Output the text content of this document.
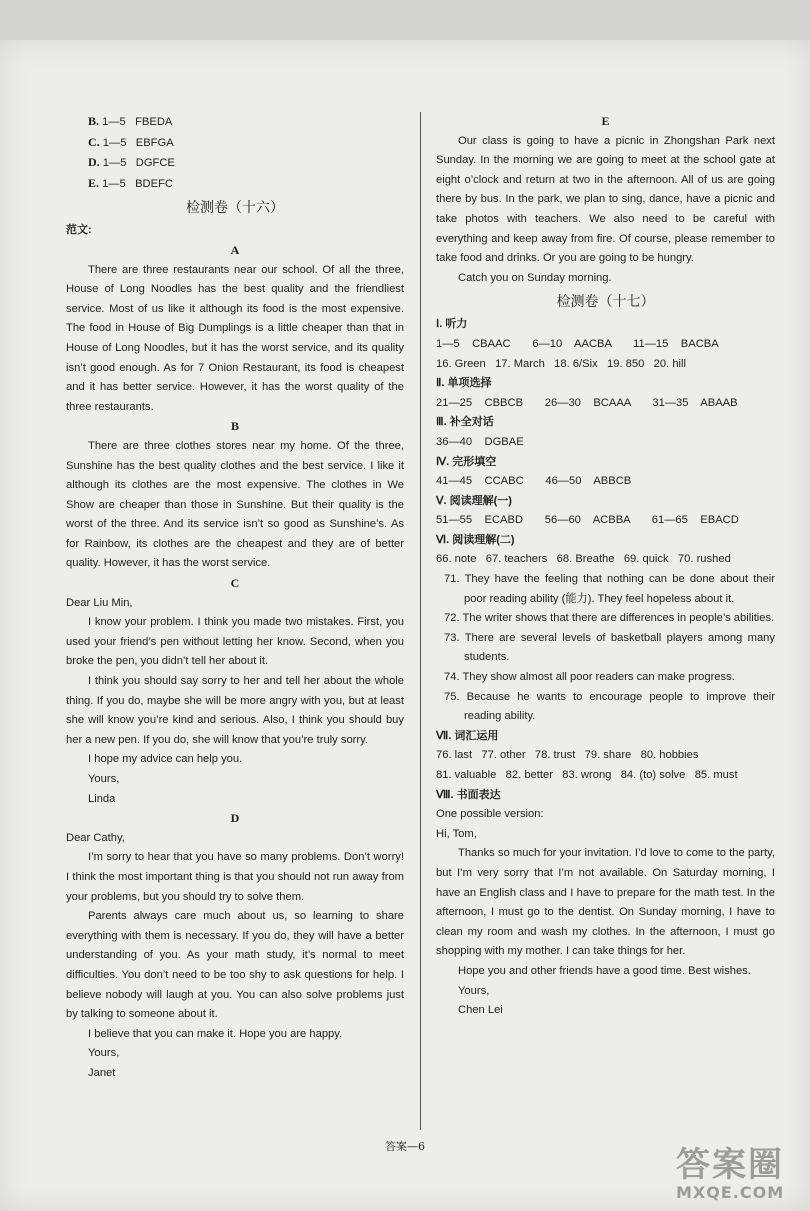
B. 1—5   FBEDA

C. 1—5   EBFGA

D. 1—5   DGFCE

E. 1—5   BDEFC

检测卷（十六）

范文:

A

There are three restaurants near our school. Of all the three, House of Long Noodles has the best quality and the friendliest service. Most of us like it although its food is the most expensive. The food in House of Big Dumplings is a little cheaper than that in House of Long Noodles, but it has the worst service, and its quality isn’t good enough. As for 7 Onion Restaurant, its food is cheapest and it has better service. However, it has the worst quality of the three restaurants.

B

There are three clothes stores near my home. Of the three, Sunshine has the best quality clothes and the best service. I like it although its clothes are the most expensive. The clothes in We Show are cheaper than those in Sunshine. But their quality is the worst of the three. And its service isn’t so good as Sunshine’s. As for Rainbow, its clothes are the cheapest and they are of better quality. However, it has the worst service.

C

Dear Liu Min,

I know your problem. I think you made two mistakes. First, you used your friend’s pen without letting her know. Second, when you broke the pen, you didn’t tell her about it.

I think you should say sorry to her and tell her about the whole thing. If you do, maybe she will be more angry with you, but at least she will know you’re kind and serious. Also, I think you should buy her a new pen. If you do, she will know that you’re truly sorry.

I hope my advice can help you.

Yours,

Linda

D

Dear Cathy,

I’m sorry to hear that you have so many problems. Don’t worry! I think the most important thing is that you should not run away from your problems, but you should try to solve them.

Parents always care much about us, so learning to share everything with them is necessary. If you do, they will have a better understanding of you. As your math study, it’s normal to meet difficulties. You don’t need to be too shy to ask questions for help. I believe nobody will laugh at you. You can also solve problems just by talking to someone about it.

I believe that you can make it. Hope you are happy.

Yours,

Janet

E

Our class is going to have a picnic in Zhongshan Park next Sunday. In the morning we are going to meet at the school gate at eight o’clock and return at two in the afternoon. All of us are going there by bus. In the park, we plan to sing, dance, have a picnic and take photos with teachers. We also need to be careful with everything and keep away from fire. Of course, please remember to take food and drinks. Or you are going to be hungry.

Catch you on Sunday morning.

检测卷（十七）

Ⅰ. 听力

1—5    CBAAC       6—10    AACBA       11—15    BACBA

16. Green   17. March   18. 6/Six   19. 850   20. hill

Ⅱ. 单项选择

21—25    CBBCB       26—30    BCAAA       31—35    ABAAB

Ⅲ. 补全对话

36—40    DGBAE

Ⅳ. 完形填空

41—45    CCABC       46—50    ABBCB

Ⅴ. 阅读理解(一)

51—55    ECABD       56—60    ACBBA       61—65    EBACD

Ⅵ. 阅读理解(二)

66. note   67. teachers   68. Breathe   69. quick   70. rushed

71. They have the feeling that nothing can be done about their poor reading ability (能力). They feel hopeless about it.

72. The writer shows that there are differences in people’s abilities.

73. There are several levels of basketball players among many students.

74. They show almost all poor readers can make progress.

75. Because he wants to encourage people to improve their reading ability.

Ⅶ. 词汇运用

76. last   77. other   78. trust   79. share   80. hobbies

81. valuable   82. better   83. wrong   84. (to) solve   85. must

Ⅷ. 书面表达

One possible version:

Hi, Tom,

Thanks so much for your invitation. I’d love to come to the party, but I’m very sorry that I’m not available. On Saturday morning, I have an English class and I have to prepare for the math test. In the afternoon, I must go to the dentist. On Sunday morning, I have to clean my room and wash my clothes. In the afternoon, I must go shopping with my mother. I can take things for her.

Hope you and other friends have a good time. Best wishes.

Yours,

Chen Lei

答案—6	答案圈
MXQE.COM
